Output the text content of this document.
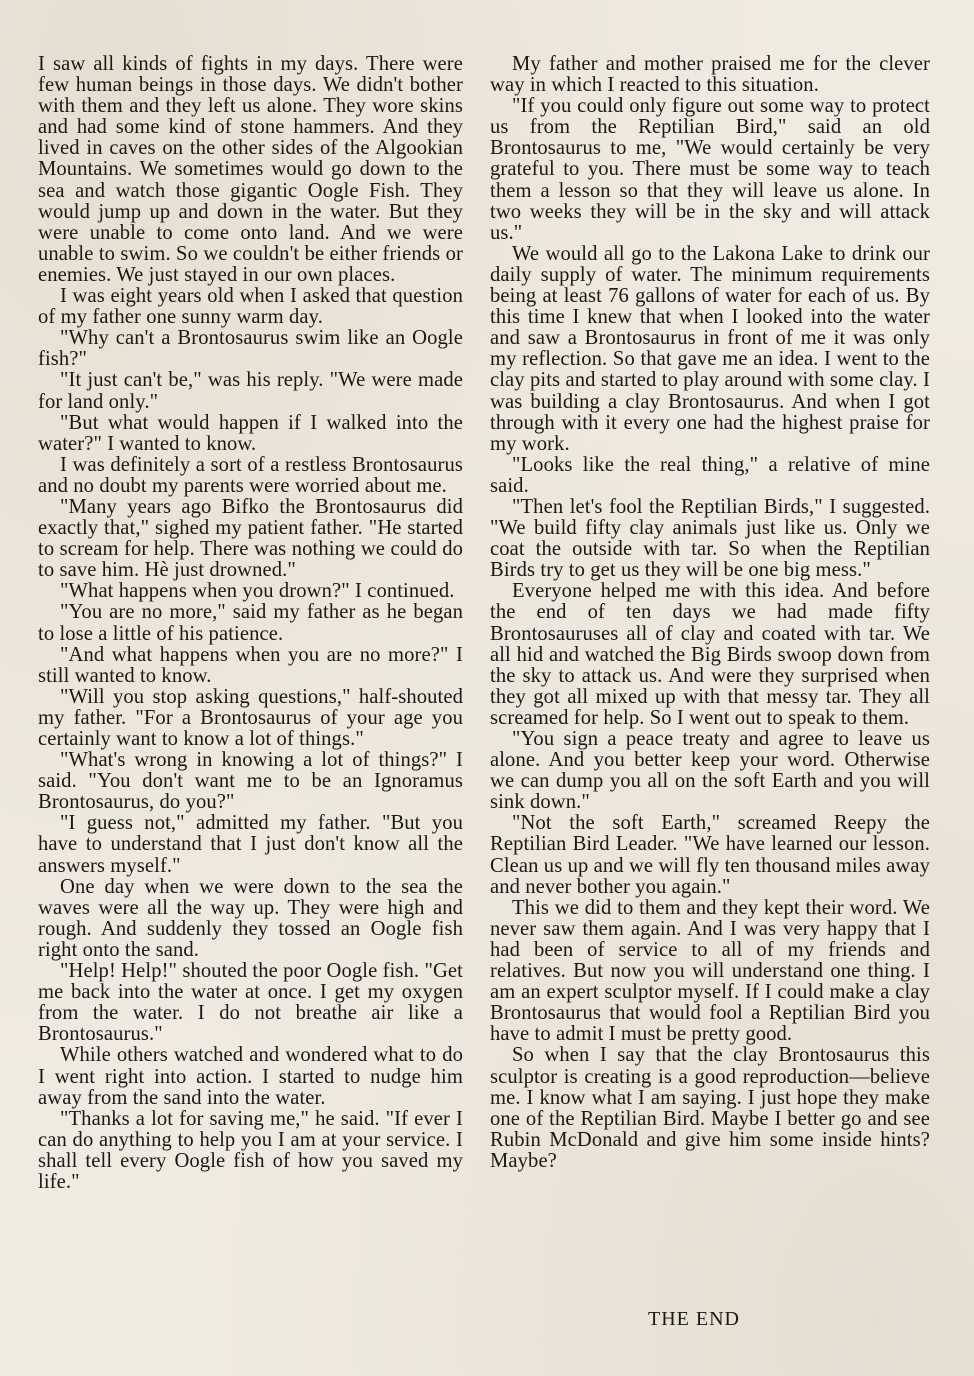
I saw all kinds of fights in my days. There were few human beings in those days. We didn't bother with them and they left us alone. They wore skins and had some kind of stone hammers. And they lived in caves on the other sides of the Algookian Mountains. We sometimes would go down to the sea and watch those gigantic Oogle Fish. They would jump up and down in the water. But they were unable to come onto land. And we were unable to swim. So we couldn't be either friends or enemies. We just stayed in our own places.

I was eight years old when I asked that question of my father one sunny warm day.

"Why can't a Brontosaurus swim like an Oogle fish?"

"It just can't be," was his reply. "We were made for land only."

"But what would happen if I walked into the water?" I wanted to know.

I was definitely a sort of a restless Brontosaurus and no doubt my parents were worried about me.

"Many years ago Bifko the Brontosaurus did exactly that," sighed my patient father. "He started to scream for help. There was nothing we could do to save him. Hè just drowned."

"What happens when you drown?" I continued.

"You are no more," said my father as he began to lose a little of his patience.

"And what happens when you are no more?" I still wanted to know.

"Will you stop asking questions," half-shouted my father. "For a Brontosaurus of your age you certainly want to know a lot of things."

"What's wrong in knowing a lot of things?" I said. "You don't want me to be an Ignoramus Brontosaurus, do you?"

"I guess not," admitted my father. "But you have to understand that I just don't know all the answers myself."

One day when we were down to the sea the waves were all the way up. They were high and rough. And suddenly they tossed an Oogle fish right onto the sand.

"Help! Help!" shouted the poor Oogle fish. "Get me back into the water at once. I get my oxygen from the water. I do not breathe air like a Brontosaurus."

While others watched and wondered what to do I went right into action. I started to nudge him away from the sand into the water.

"Thanks a lot for saving me," he said. "If ever I can do anything to help you I am at your service. I shall tell every Oogle fish of how you saved my life."

My father and mother praised me for the clever way in which I reacted to this situation.

"If you could only figure out some way to protect us from the Reptilian Bird," said an old Brontosaurus to me, "We would certainly be very grateful to you. There must be some way to teach them a lesson so that they will leave us alone. In two weeks they will be in the sky and will attack us."

We would all go to the Lakona Lake to drink our daily supply of water. The minimum requirements being at least 76 gallons of water for each of us. By this time I knew that when I looked into the water and saw a Brontosaurus in front of me it was only my reflection. So that gave me an idea. I went to the clay pits and started to play around with some clay. I was building a clay Brontosaurus. And when I got through with it every one had the highest praise for my work.

"Looks like the real thing," a relative of mine said.

"Then let's fool the Reptilian Birds," I suggested. "We build fifty clay animals just like us. Only we coat the outside with tar. So when the Reptilian Birds try to get us they will be one big mess."

Everyone helped me with this idea. And before the end of ten days we had made fifty Brontosauruses all of clay and coated with tar. We all hid and watched the Big Birds swoop down from the sky to attack us. And were they surprised when they got all mixed up with that messy tar. They all screamed for help. So I went out to speak to them.

"You sign a peace treaty and agree to leave us alone. And you better keep your word. Otherwise we can dump you all on the soft Earth and you will sink down."

"Not the soft Earth," screamed Reepy the Reptilian Bird Leader. "We have learned our lesson. Clean us up and we will fly ten thousand miles away and never bother you again."

This we did to them and they kept their word. We never saw them again. And I was very happy that I had been of service to all of my friends and relatives. But now you will understand one thing. I am an expert sculptor myself. If I could make a clay Brontosaurus that would fool a Reptilian Bird you have to admit I must be pretty good.

So when I say that the clay Brontosaurus this sculptor is creating is a good reproduction—believe me. I know what I am saying. I just hope they make one of the Reptilian Bird. Maybe I better go and see Rubin McDonald and give him some inside hints? Maybe?

THE END
